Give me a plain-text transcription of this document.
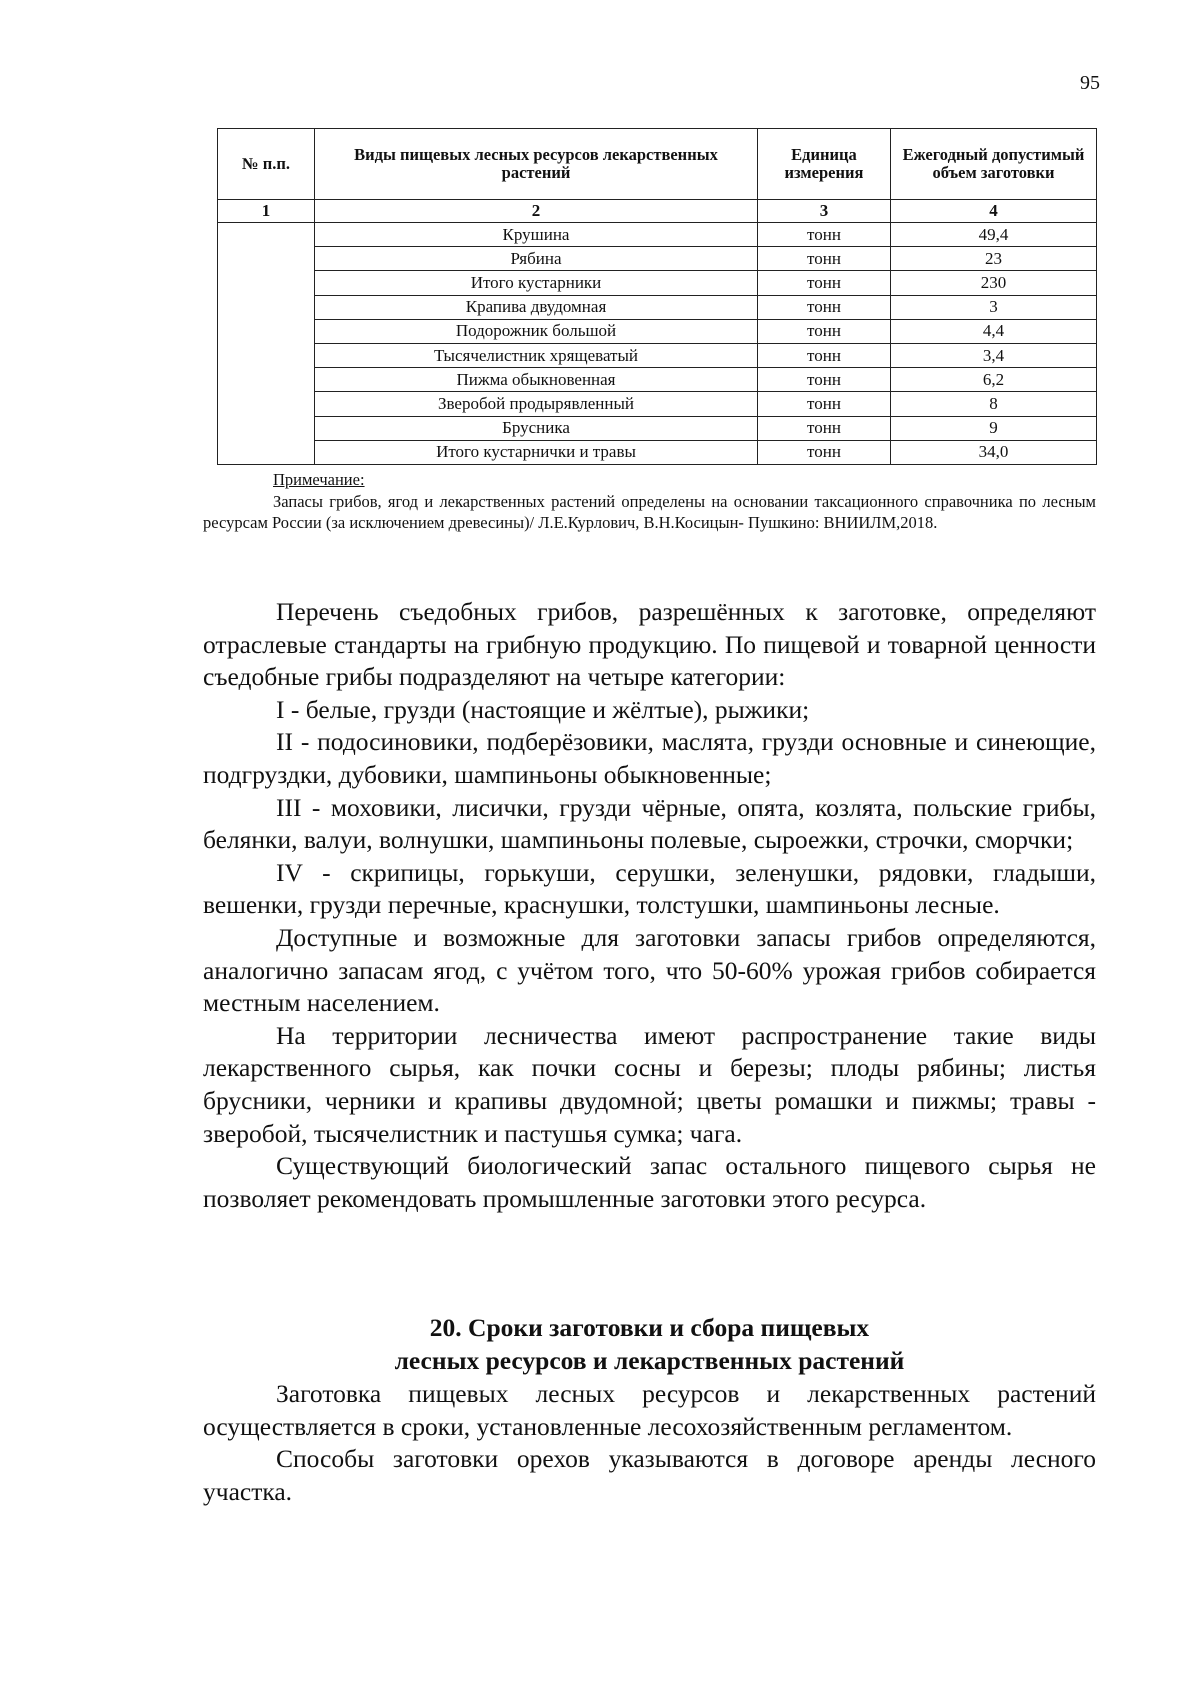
95
№ п.п.	Виды пищевых лесных ресурсов лекарственных растений	Единица измерения	Ежегодный допустимый объем заготовки
1	2	3	4
	Крушина	тонн	49,4
	Рябина	тонн	23
	Итого кустарники	тонн	230
	Крапива двудомная	тонн	3
	Подорожник большой	тонн	4,4
	Тысячелистник хрящеватый	тонн	3,4
	Пижма обыкновенная	тонн	6,2
	Зверобой продырявленный	тонн	8
	Брусника	тонн	9
	Итого кустарнички и травы	тонн	34,0
Примечание:
Запасы грибов, ягод и лекарственных растений определены на основании таксационного справочника по лесным ресурсам России (за исключением древесины)/ Л.Е.Курлович, В.Н.Косицын- Пушкино: ВНИИЛМ,2018.

Перечень съедобных грибов, разрешённых к заготовке, определяют отраслевые стандарты на грибную продукцию. По пищевой и товарной ценности съедобные грибы подразделяют на четыре категории:

I - белые, грузди (настоящие и жёлтые), рыжики;

II - подосиновики, подберёзовики, маслята, грузди основные и синеющие, подгруздки, дубовики, шампиньоны обыкновенные;

III - моховики, лисички, грузди чёрные, опята, козлята, польские грибы, белянки, валуи, волнушки, шампиньоны полевые, сыроежки, строчки, сморчки;

IV - скрипицы, горькуши, серушки, зеленушки, рядовки, гладыши, вешенки, грузди перечные, краснушки, толстушки, шампиньоны лесные.

Доступные и возможные для заготовки запасы грибов определяются, аналогично запасам ягод, с учётом того, что 50-60% урожая грибов собирается местным населением.

На территории лесничества имеют распространение такие виды лекарственного сырья, как почки сосны и березы; плоды рябины; листья брусники, черники и крапивы двудомной; цветы ромашки и пижмы; травы - зверобой, тысячелистник и пастушья сумка; чага.

Существующий биологический запас остального пищевого сырья не позволяет рекомендовать промышленные заготовки этого ресурса.

20. Сроки заготовки и сбора пищевых
лесных ресурсов и лекарственных растений

Заготовка пищевых лесных ресурсов и лекарственных растений осуществляется в сроки, установленные лесохозяйственным регламентом.

Способы заготовки орехов указываются в договоре аренды лесного участка.
